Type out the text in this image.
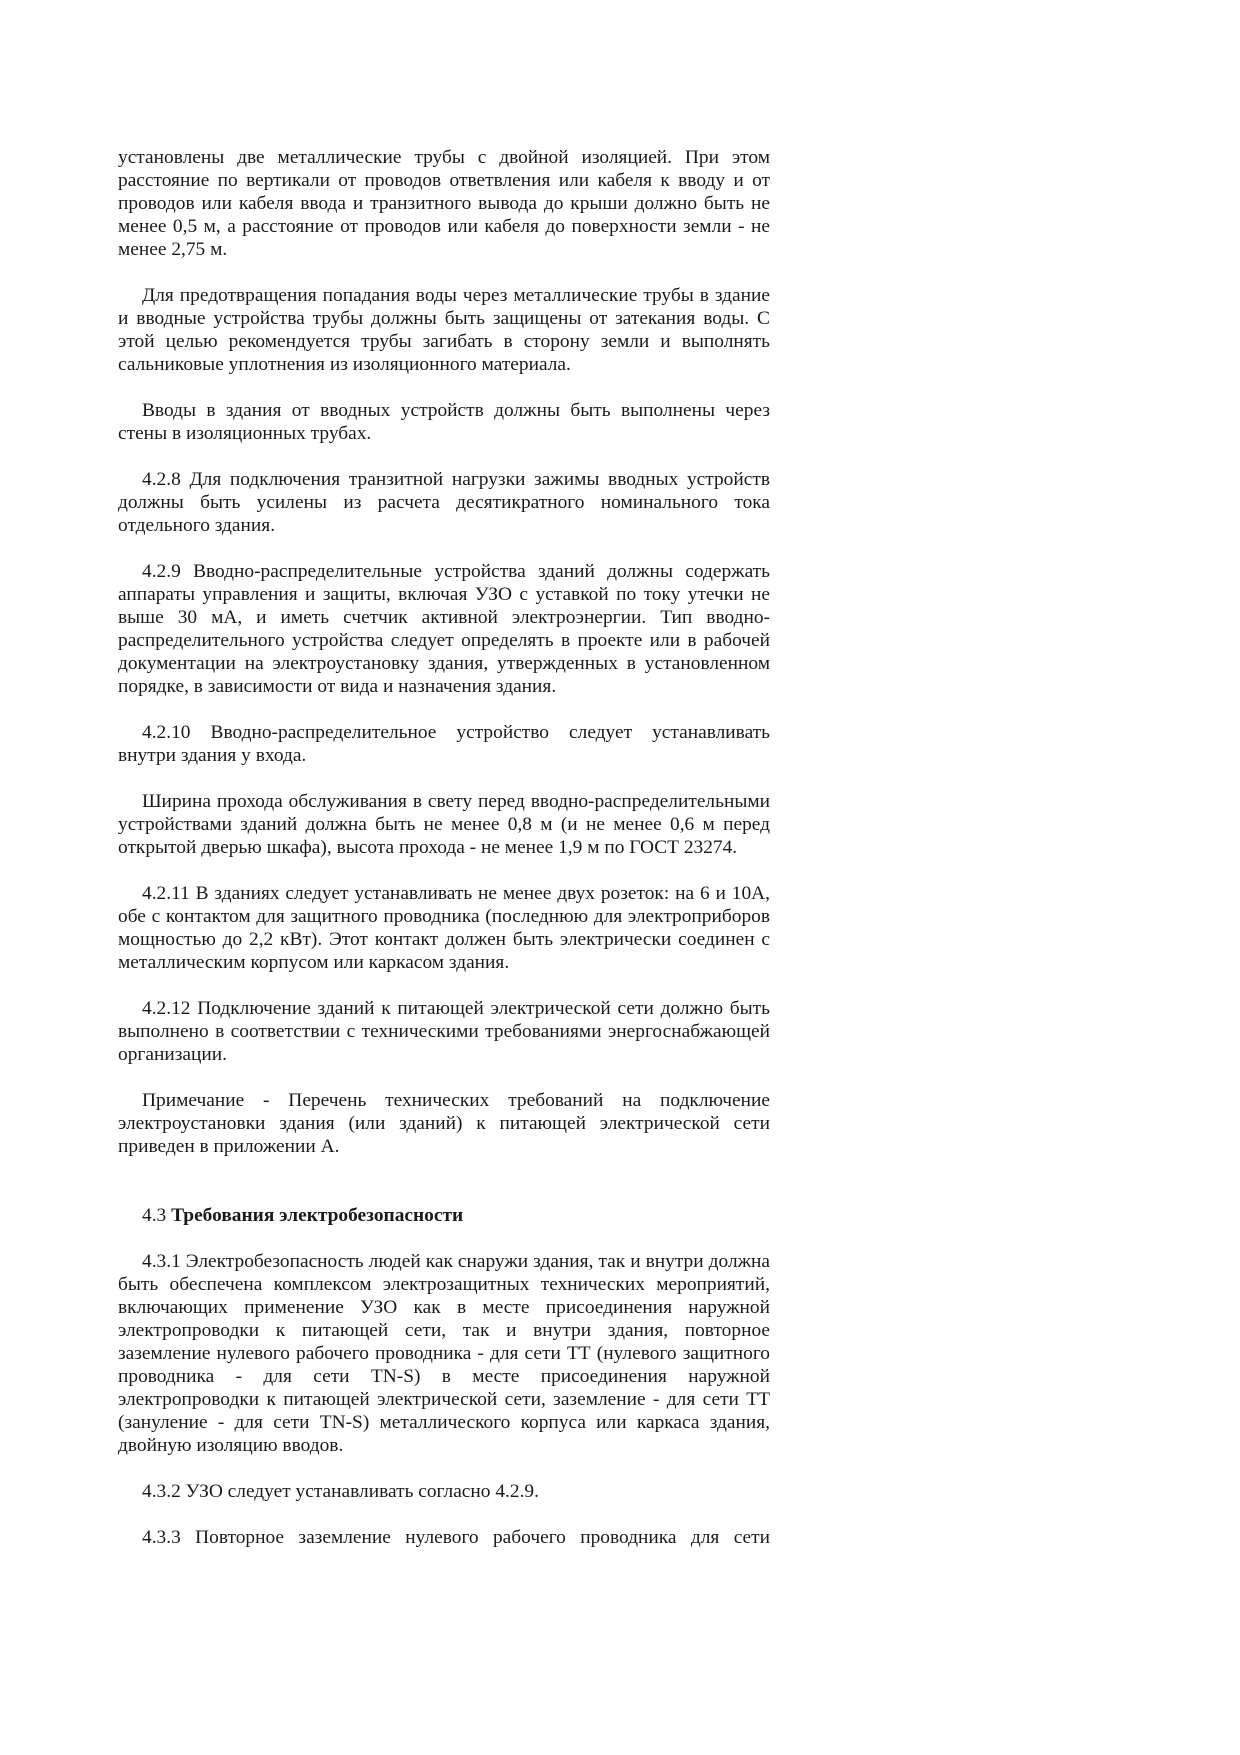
установлены две металлические трубы с двойной изоляцией. При этом расстояние по вертикали от проводов ответвления или кабеля к вводу и от проводов или кабеля ввода и транзитного вывода до крыши должно быть не менее 0,5 м, а расстояние от проводов или кабеля до поверхности земли - не менее 2,75 м.

Для предотвращения попадания воды через металлические трубы в здание и вводные устройства трубы должны быть защищены от затекания воды. С этой целью рекомендуется трубы загибать в сторону земли и выполнять сальниковые уплотнения из изоляционного материала.

Вводы в здания от вводных устройств должны быть выполнены через стены в изоляционных трубах.

4.2.8 Для подключения транзитной нагрузки зажимы вводных устройств должны быть усилены из расчета десятикратного номинального тока отдельного здания.

4.2.9 Вводно-распределительные устройства зданий должны содержать аппараты управления и защиты, включая УЗО с уставкой по току утечки не выше 30 мА, и иметь счетчик активной электроэнергии. Тип вводно-распределительного устройства следует определять в проекте или в рабочей документации на электроустановку здания, утвержденных в установленном порядке, в зависимости от вида и назначения здания.

4.2.10 Вводно-распределительное устройство следует устанавливать внутри здания у входа.

Ширина прохода обслуживания в свету перед вводно-распределительными устройствами зданий должна быть не менее 0,8 м (и не менее 0,6 м перед открытой дверью шкафа), высота прохода - не менее 1,9 м по ГОСТ 23274.

4.2.11 В зданиях следует устанавливать не менее двух розеток: на 6 и 10А, обе с контактом для защитного проводника (последнюю для электроприборов мощностью до 2,2 кВт). Этот контакт должен быть электрически соединен с металлическим корпусом или каркасом здания.

4.2.12 Подключение зданий к питающей электрической сети должно быть выполнено в соответствии с техническими требованиями энергоснабжающей организации.

Примечание - Перечень технических требований на подключение электроустановки здания (или зданий) к питающей электрической сети приведен в приложении А.

4.3 Требования электробезопасности

4.3.1 Электробезопасность людей как снаружи здания, так и внутри должна быть обеспечена комплексом электрозащитных технических мероприятий, включающих применение УЗО как в месте присоединения наружной электропроводки к питающей сети, так и внутри здания, повторное заземление нулевого рабочего проводника - для сети ТТ (нулевого защитного проводника - для сети TN-S) в месте присоединения наружной электропроводки к питающей электрической сети, заземление - для сети ТТ (зануление - для сети TN-S) металлического корпуса или каркаса здания, двойную изоляцию вводов.

4.3.2 УЗО следует устанавливать согласно 4.2.9.

4.3.3 Повторное заземление нулевого рабочего проводника для сети
